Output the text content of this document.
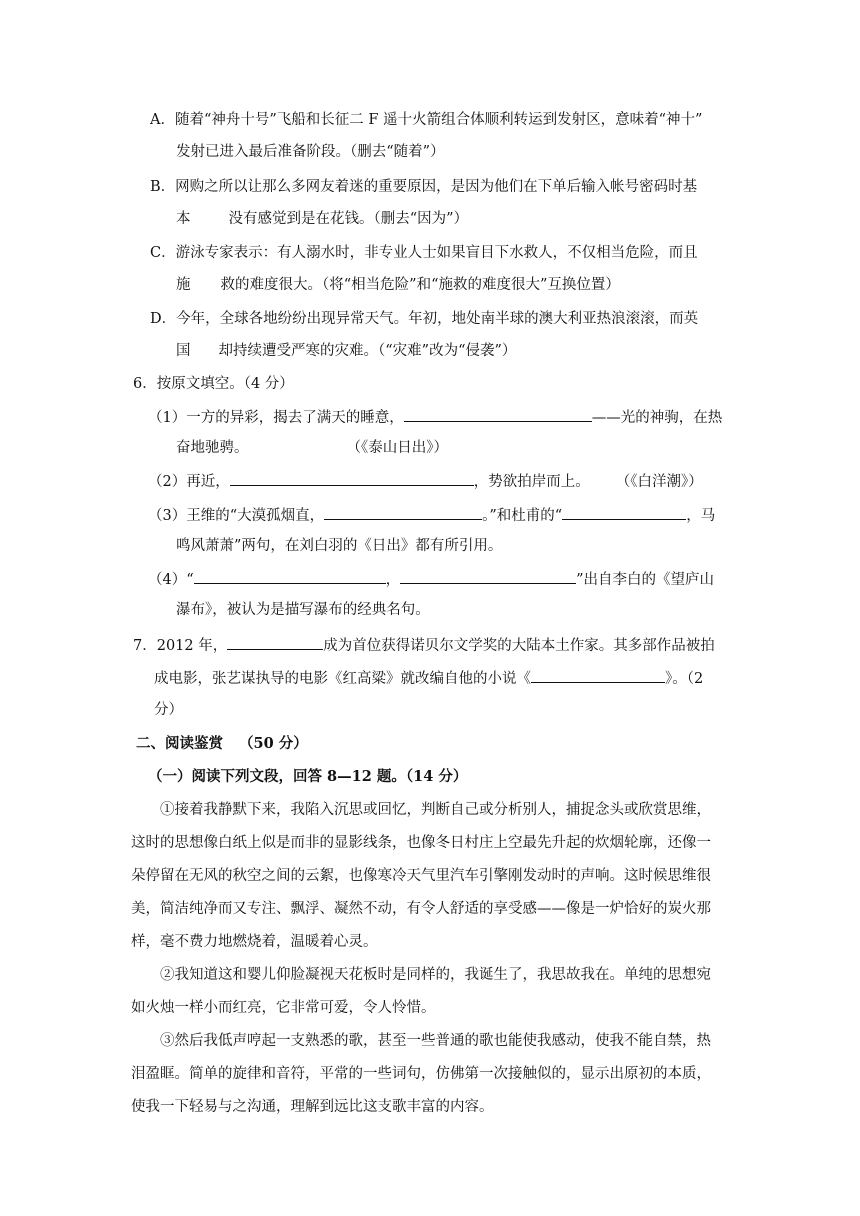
A．随着“神舟十号”飞船和长征二 F 遥十火箭组合体顺利转运到发射区，意味着“神十”
发射已进入最后准备阶段。（删去“随着”）
B．网购之所以让那么多网友着迷的重要原因，是因为他们在下单后输入帐号密码时基
本	没有感觉到是在花钱。（删去“因为”）
C．游泳专家表示：有人溺水时，非专业人士如果盲目下水救人，不仅相当危险，而且
施 救的难度很大。（将“相当危险”和“施救的难度很大”互换位置）
D．今年，全球各地纷纷出现异常天气。年初，地处南半球的澳大利亚热浪滚滚，而英
国 却持续遭受严寒的灾难。（“灾难”改为“侵袭”）
6．按原文填空。（4 分）
（1）一方的异彩，揭去了满天的睡意，	——光的神驹，在热
奋地驰骋。	（《泰山日出》）
（2）再近，	，势欲拍岸而上。 （《白洋潮》）
（3）王维的“大漠孤烟直，	。”和杜甫的“	，马
鸣风萧萧”两句，在刘白羽的《日出》都有所引用。
（4）“	，	”出自李白的《望庐山
瀑布》，被认为是描写瀑布的经典名句。
7．2012 年，	成为首位获得诺贝尔文学奖的大陆本土作家。其多部作品被拍
成电影，张艺谋执导的电影《红高粱》就改编自他的小说《	》。（2
分）
二、阅读鉴赏 （50 分）
（一）阅读下列文段，回答 8—12 题。（14 分）
①接着我静默下来，我陷入沉思或回忆，判断自己或分析别人，捕捉念头或欣赏思维，
这时的思想像白纸上似是而非的显影线条，也像冬日村庄上空最先升起的炊烟轮廓，还像一
朵停留在无风的秋空之间的云絮，也像寒冷天气里汽车引擎刚发动时的声响。这时候思维很
美，简洁纯净而又专注、飘浮、凝然不动，有令人舒适的享受感——像是一炉恰好的炭火那
样，毫不费力地燃烧着，温暖着心灵。
②我知道这和婴儿仰脸凝视天花板时是同样的，我诞生了，我思故我在。单纯的思想宛
如火烛一样小而红亮，它非常可爱，令人怜惜。
③然后我低声哼起一支熟悉的歌，甚至一些普通的歌也能使我感动，使我不能自禁，热
泪盈眶。简单的旋律和音符，平常的一些词句，仿佛第一次接触似的，显示出原初的本质，
使我一下轻易与之沟通，理解到远比这支歌丰富的内容。
